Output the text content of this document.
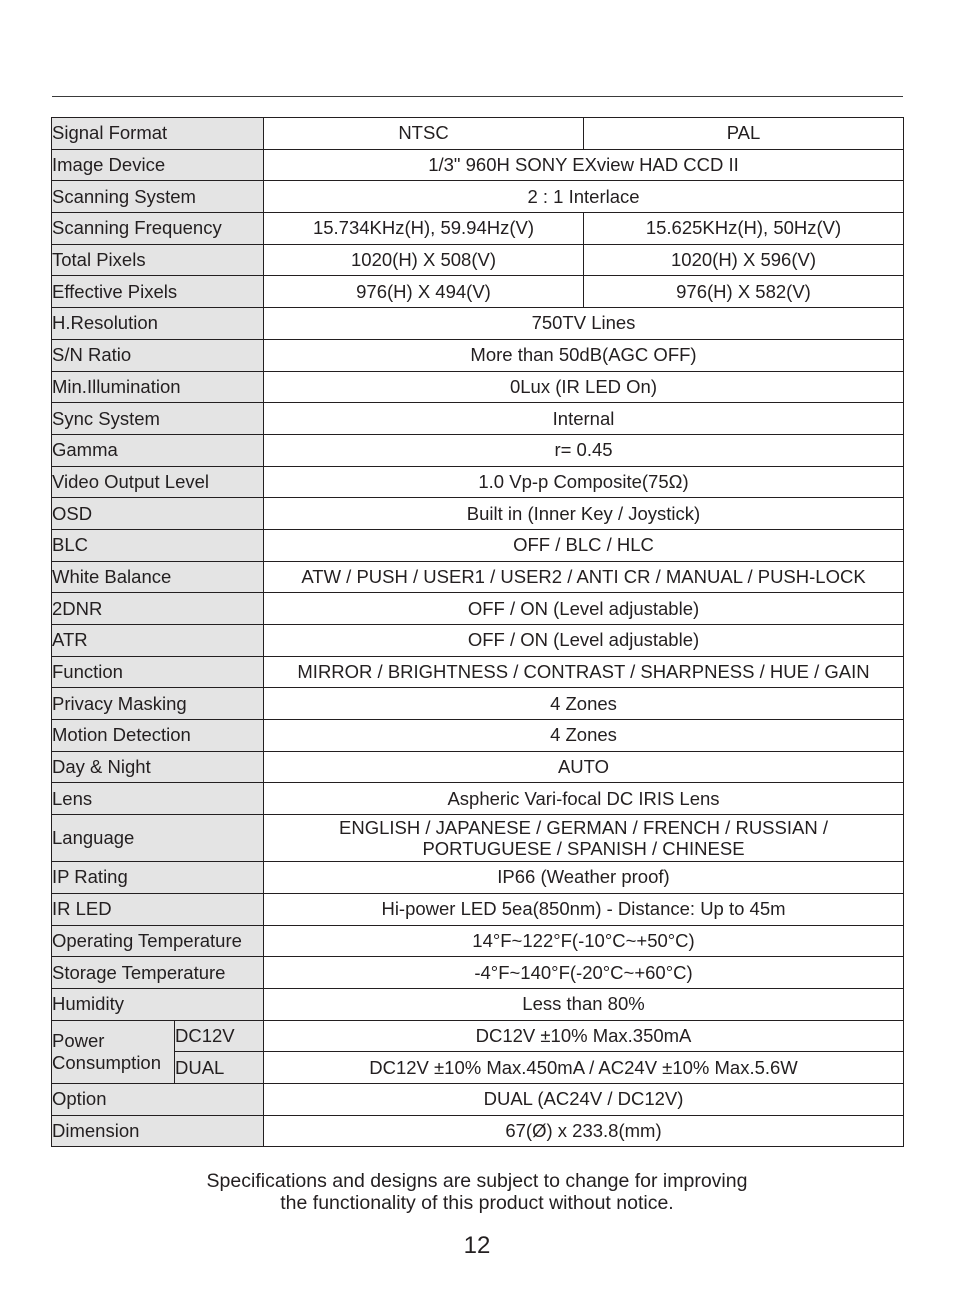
Signal Format		NTSC	PAL
Image Device		1/3" 960H SONY EXview HAD CCD II	
Scanning System		2 : 1 Interlace	
Scanning Frequency		15.734KHz(H), 59.94Hz(V)	15.625KHz(H), 50Hz(V)
Total Pixels		1020(H) X 508(V)	1020(H) X 596(V)
Effective Pixels		976(H) X 494(V)	976(H) X 582(V)
H.Resolution		750TV Lines	
S/N Ratio		More than 50dB(AGC OFF)	
Min.Illumination		0Lux (IR LED On)	
Sync System		Internal	
Gamma		r= 0.45	
Video Output Level		1.0 Vp-p Composite(75Ω)	
OSD		Built in (Inner Key / Joystick)	
BLC		OFF / BLC / HLC	
White Balance		ATW / PUSH / USER1 / USER2 / ANTI CR / MANUAL / PUSH-LOCK	
2DNR		OFF / ON (Level adjustable)	
ATR		OFF / ON (Level adjustable)	
Function		MIRROR / BRIGHTNESS / CONTRAST / SHARPNESS / HUE / GAIN	
Privacy Masking		4 Zones	
Motion Detection		4 Zones	
Day & Night		AUTO	
Lens		Aspheric Vari-focal DC IRIS Lens	
Language		ENGLISH / JAPANESE / GERMAN / FRENCH / RUSSIAN /
PORTUGUESE / SPANISH / CHINESE	

IP Rating		IP66 (Weather proof)	
IR LED		Hi-power LED 5ea(850nm) - Distance: Up to 45m	
Operating Temperature		14°F~122°F(-10°C~+50°C)	
Storage Temperature		-4°F~140°F(-20°C~+60°C)	
Humidity		Less than 80%	

Power
Consumption	DC12V	DC12V ±10% Max.350mA	
	DUAL	DC12V ±10% Max.450mA / AC24V ±10% Max.5.6W	
Option		DUAL (AC24V / DC12V)	
Dimension		67(Ø) x 233.8(mm)	
Specifications and designs are subject to change for improving
the functionality of this product without notice.
12
